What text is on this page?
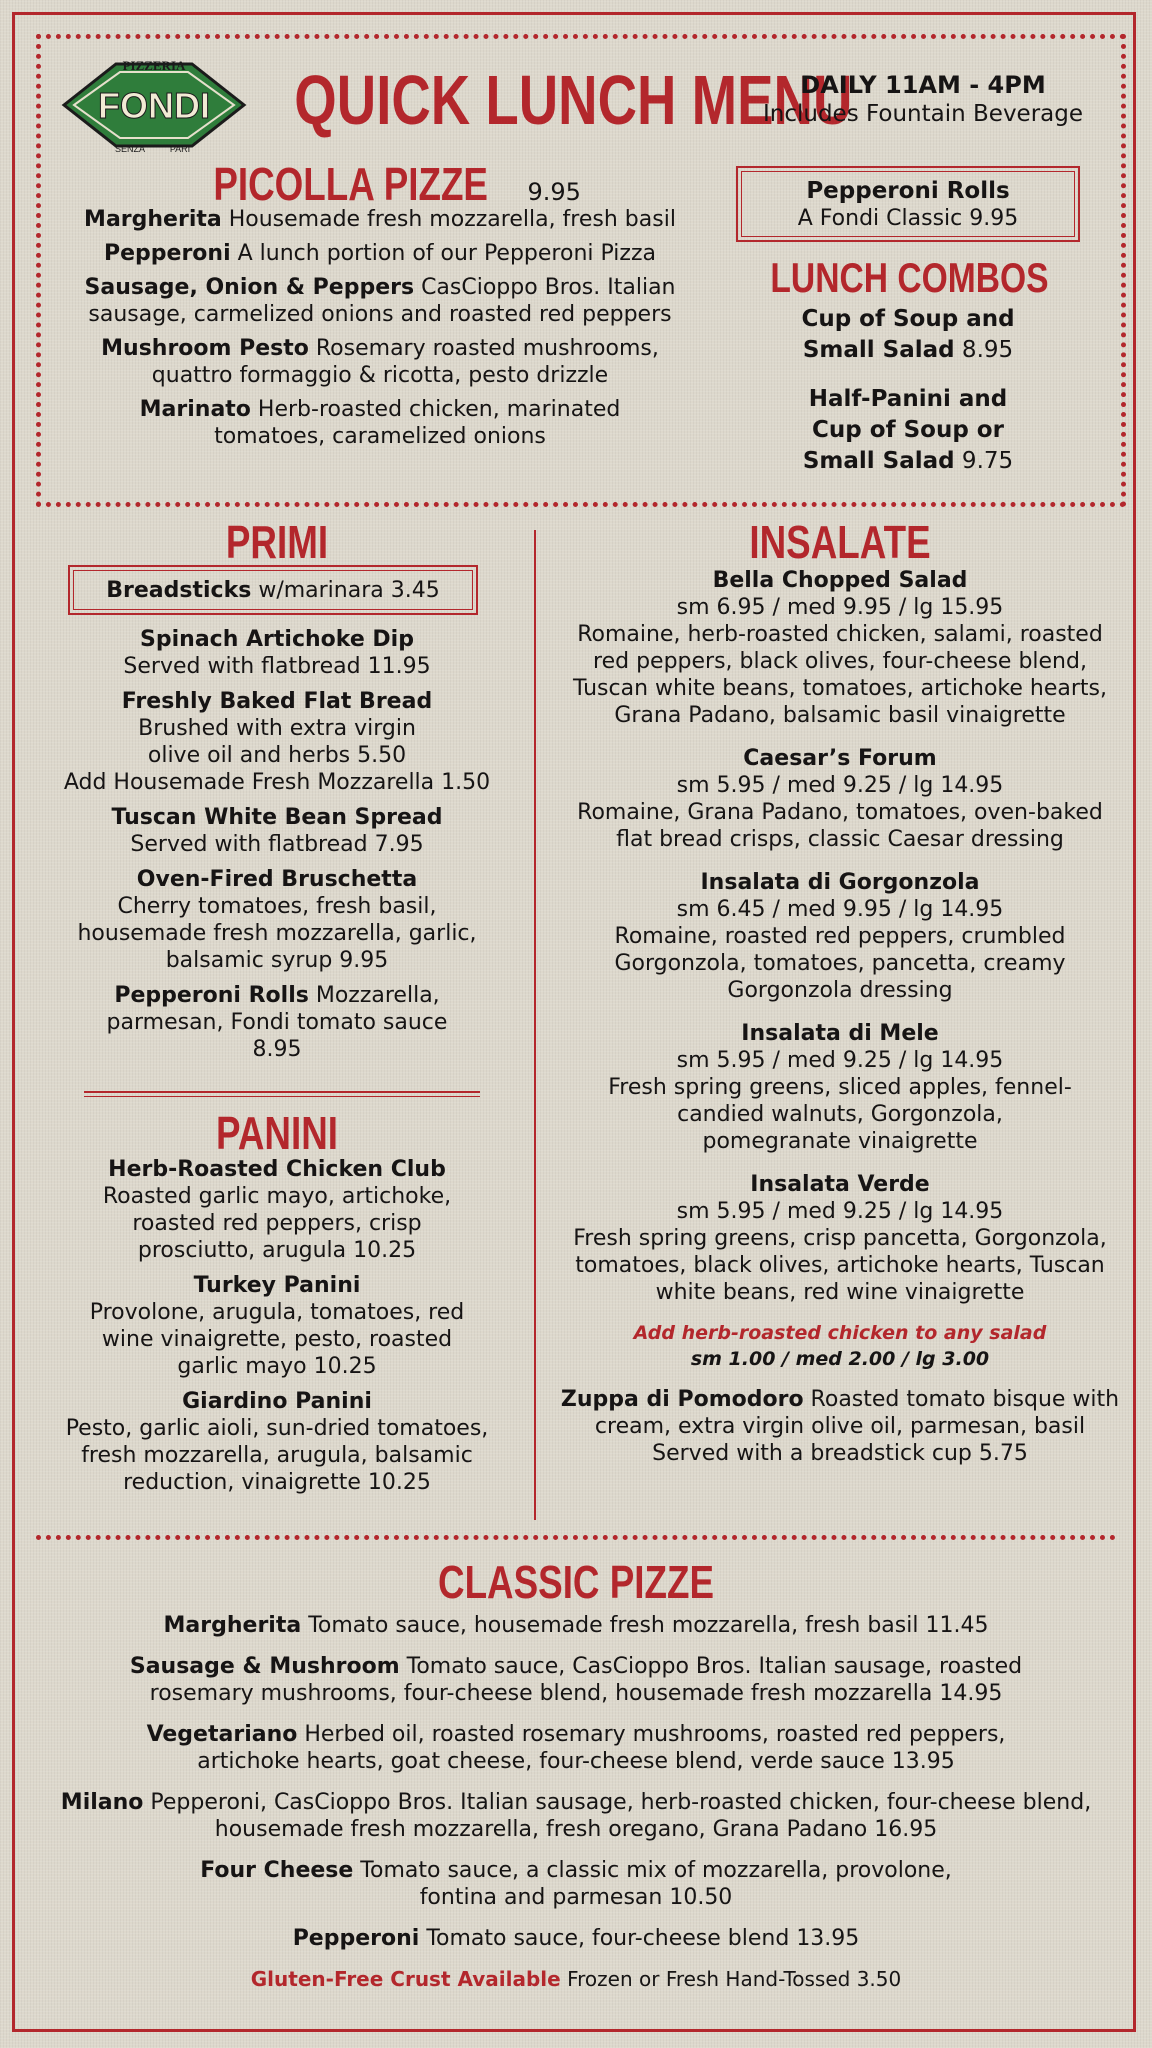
PIZZERIA
FONDI
SENZA	PARI
QUICK LUNCH MENU
DAILY 11AM - 4PM
Includes Fountain Beverage
PICOLLA PIZZE 9.95
Margherita Housemade fresh mozzarella, fresh basil
Pepperoni A lunch portion of our Pepperoni Pizza
Sausage, Onion & Peppers CasCioppo Bros. Italian sausage, carmelized onions and roasted red peppers
Mushroom Pesto Rosemary roasted mushrooms, quattro formaggio & ricotta, pesto drizzle
Marinato Herb-roasted chicken, marinated tomatoes, caramelized onions
Pepperoni Rolls
A Fondi Classic 9.95
LUNCH COMBOS
Cup of Soup and
Small Salad 8.95
Half-Panini and
Cup of Soup or
Small Salad 9.75
PRIMI
Breadsticks w/marinara 3.45
Spinach Artichoke Dip
Served with flatbread 11.95
Freshly Baked Flat Bread
Brushed with extra virgin olive oil and herbs 5.50
Add Housemade Fresh Mozzarella 1.50
Tuscan White Bean Spread
Served with flatbread 7.95
Oven-Fired Bruschetta
Cherry tomatoes, fresh basil, housemade fresh mozzarella, garlic, balsamic syrup 9.95
Pepperoni Rolls Mozzarella, parmesan, Fondi tomato sauce 8.95
PANINI
Herb-Roasted Chicken Club
Roasted garlic mayo, artichoke, roasted red peppers, crisp prosciutto, arugula 10.25
Turkey Panini
Provolone, arugula, tomatoes, red wine vinaigrette, pesto, roasted garlic mayo 10.25
Giardino Panini
Pesto, garlic aioli, sun-dried tomatoes, fresh mozzarella, arugula, balsamic reduction, vinaigrette 10.25
INSALATE
Bella Chopped Salad
sm 6.95 / med 9.95 / lg 15.95
Romaine, herb-roasted chicken, salami, roasted red peppers, black olives, four-cheese blend, Tuscan white beans, tomatoes, artichoke hearts, Grana Padano, balsamic basil vinaigrette
Caesar’s Forum
sm 5.95 / med 9.25 / lg 14.95
Romaine, Grana Padano, tomatoes, oven-baked flat bread crisps, classic Caesar dressing
Insalata di Gorgonzola
sm 6.45 / med 9.95 / lg 14.95
Romaine, roasted red peppers, crumbled Gorgonzola, tomatoes, pancetta, creamy Gorgonzola dressing
Insalata di Mele
sm 5.95 / med 9.25 / lg 14.95
Fresh spring greens, sliced apples, fennel-candied walnuts, Gorgonzola, pomegranate vinaigrette
Insalata Verde
sm 5.95 / med 9.25 / lg 14.95
Fresh spring greens, crisp pancetta, Gorgonzola, tomatoes, black olives, artichoke hearts, Tuscan white beans, red wine vinaigrette
Add herb-roasted chicken to any salad
sm 1.00 / med 2.00 / lg 3.00
Zuppa di Pomodoro Roasted tomato bisque with cream, extra virgin olive oil, parmesan, basil
Served with a breadstick cup 5.75
CLASSIC PIZZE
Margherita Tomato sauce, housemade fresh mozzarella, fresh basil 11.45
Sausage & Mushroom Tomato sauce, CasCioppo Bros. Italian sausage, roasted rosemary mushrooms, four-cheese blend, housemade fresh mozzarella 14.95
Vegetariano Herbed oil, roasted rosemary mushrooms, roasted red peppers, artichoke hearts, goat cheese, four-cheese blend, verde sauce 13.95
Milano Pepperoni, CasCioppo Bros. Italian sausage, herb-roasted chicken, four-cheese blend, housemade fresh mozzarella, fresh oregano, Grana Padano 16.95
Four Cheese Tomato sauce, a classic mix of mozzarella, provolone, fontina and parmesan 10.50
Pepperoni Tomato sauce, four-cheese blend 13.95
Gluten-Free Crust Available Frozen or Fresh Hand-Tossed 3.50
